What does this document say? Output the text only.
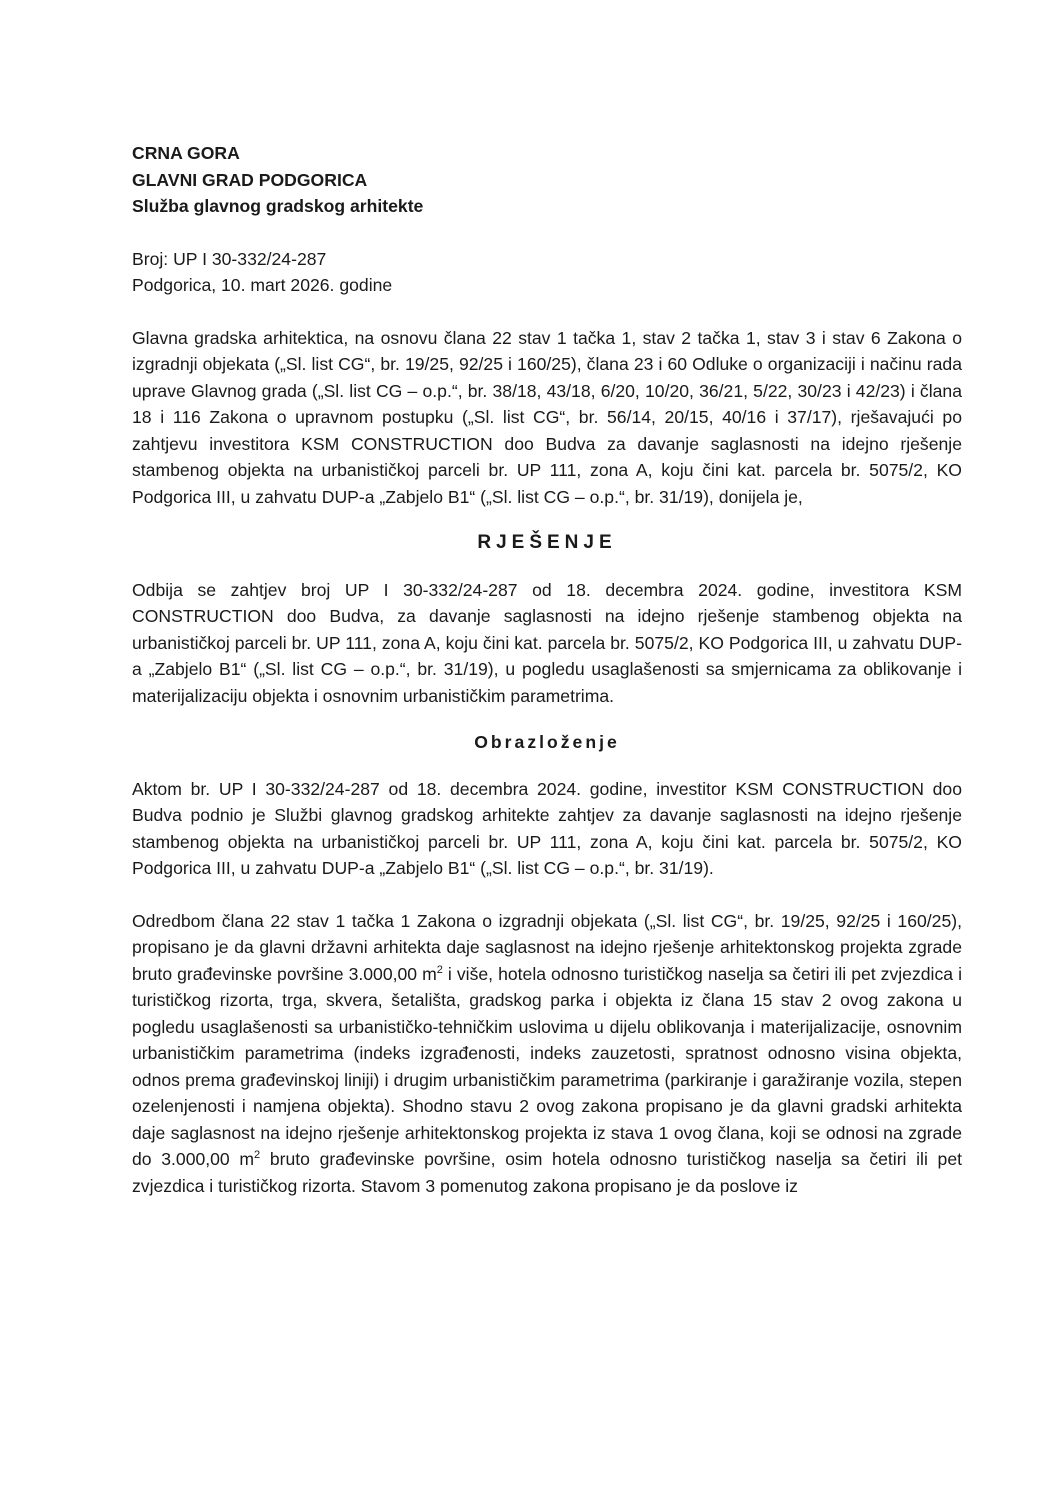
CRNA GORA

GLAVNI GRAD PODGORICA

Služba glavnog gradskog arhitekte

Broj: UP I 30-332/24-287

Podgorica, 10. mart 2026. godine

Glavna gradska arhitektica, na osnovu člana 22 stav 1 tačka 1, stav 2 tačka 1, stav 3 i stav 6 Zakona o izgradnji objekata („Sl. list CG“, br. 19/25, 92/25 i 160/25), člana 23 i 60 Odluke o organizaciji i načinu rada uprave Glavnog grada („Sl. list CG – o.p.“, br. 38/18, 43/18, 6/20, 10/20, 36/21, 5/22, 30/23 i 42/23) i člana 18 i 116 Zakona o upravnom postupku („Sl. list CG“, br. 56/14, 20/15, 40/16 i 37/17), rješavajući po zahtjevu investitora KSM CONSTRUCTION doo Budva za davanje saglasnosti na idejno rješenje stambenog objekta na urbanističkoj parceli br. UP 111, zona A, koju čini kat. parcela br. 5075/2, KO Podgorica III, u zahvatu DUP-a „Zabjelo B1“ („Sl. list CG – o.p.“, br. 31/19), donijela je,

RJEŠENJE

Odbija se zahtjev broj UP I 30-332/24-287 od 18. decembra 2024. godine, investitora KSM CONSTRUCTION doo Budva, za davanje saglasnosti na idejno rješenje stambenog objekta na urbanističkoj parceli br. UP 111, zona A, koju čini kat. parcela br. 5075/2, KO Podgorica III, u zahvatu DUP-a „Zabjelo B1“ („Sl. list CG – o.p.“, br. 31/19), u pogledu usaglašenosti sa smjernicama za oblikovanje i materijalizaciju objekta i osnovnim urbanističkim parametrima.

Obrazloženje

Aktom br. UP I 30-332/24-287 od 18. decembra 2024. godine, investitor KSM CONSTRUCTION doo Budva podnio je Službi glavnog gradskog arhitekte zahtjev za davanje saglasnosti na idejno rješenje stambenog objekta na urbanističkoj parceli br. UP 111, zona A, koju čini kat. parcela br. 5075/2, KO Podgorica III, u zahvatu DUP-a „Zabjelo B1“ („Sl. list CG – o.p.“, br. 31/19).

Odredbom člana 22 stav 1 tačka 1 Zakona o izgradnji objekata („Sl. list CG“, br. 19/25, 92/25 i 160/25), propisano je da glavni državni arhitekta daje saglasnost na idejno rješenje arhitektonskog projekta zgrade bruto građevinske površine 3.000,00 $m^2$ i više, hotela odnosno turističkog naselja sa četiri ili pet zvjezdica i turističkog rizorta, trga, skvera, šetališta, gradskog parka i objekta iz člana 15 stav 2 ovog zakona u pogledu usaglašenosti sa urbanističko-tehničkim uslovima u dijelu oblikovanja i materijalizacije, osnovnim urbanističkim parametrima (indeks izgrađenosti, indeks zauzetosti, spratnost odnosno visina objekta, odnos prema građevinskoj liniji) i drugim urbanističkim parametrima (parkiranje i garažiranje vozila, stepen ozelenjenosti i namjena objekta). Shodno stavu 2 ovog zakona propisano je da glavni gradski arhitekta daje saglasnost na idejno rješenje arhitektonskog projekta iz stava 1 ovog člana, koji se odnosi na zgrade do 3.000,00 $m^2$ bruto građevinske površine, osim hotela odnosno turističkog naselja sa četiri ili pet zvjezdica i turističkog rizorta. Stavom 3 pomenutog zakona propisano je da poslove iz
